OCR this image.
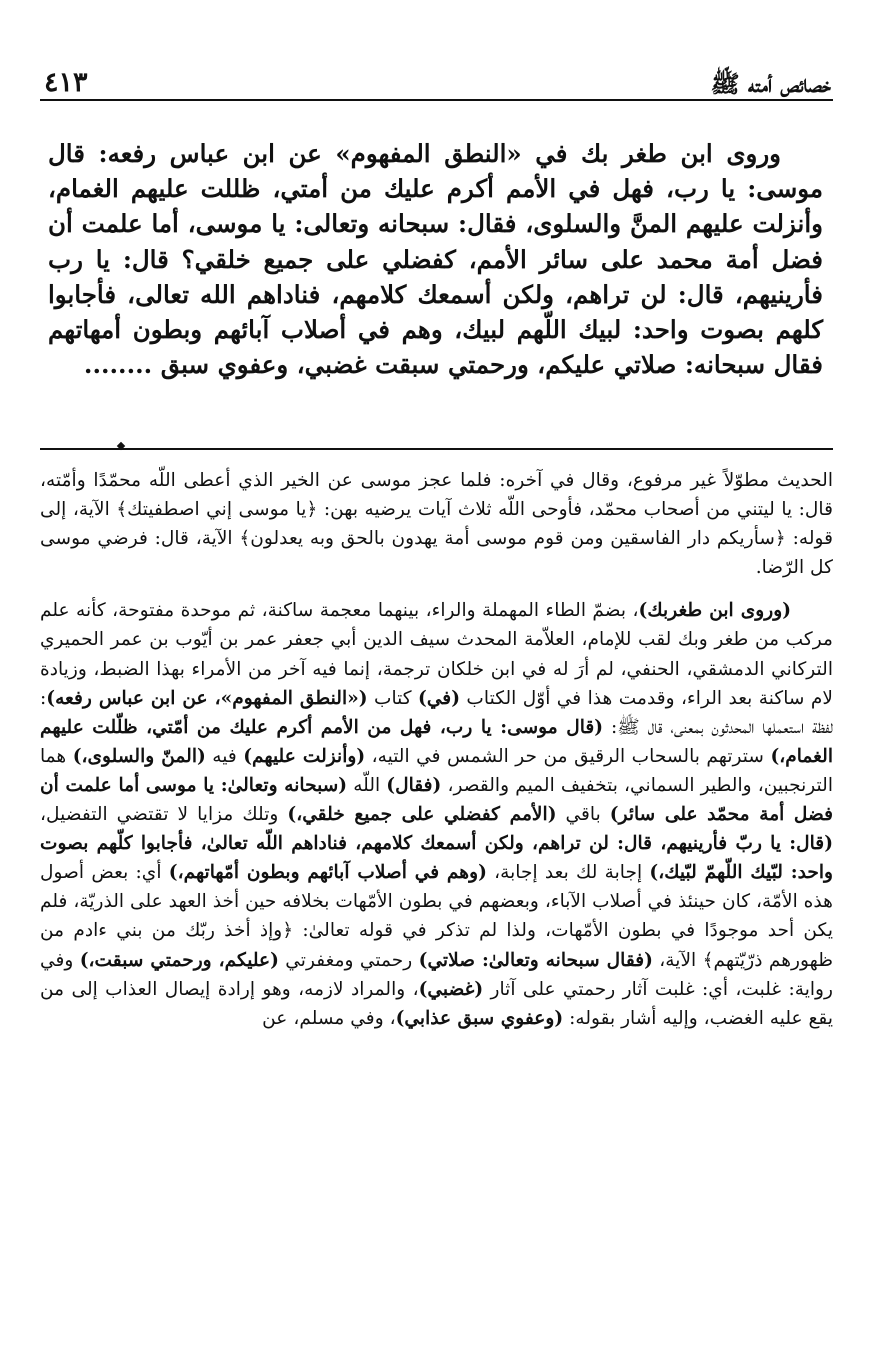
خصائص أمته ﷺ
٤١٣

وروى ابن طغر بك في «النطق المفهوم» عن ابن عباس رفعه: قال موسى: يا رب، فهل في الأمم أكرم عليك من أمتي، ظللت عليهم الغمام، وأنزلت عليهم المنَّ والسلوى، فقال: سبحانه وتعالى: يا موسى، أما علمت أن فضل أمة محمد على سائر الأمم، كفضلي على جميع خلقي؟ قال: يا رب فأرينيهم، قال: لن تراهم، ولكن أسمعك كلامهم، فناداهم الله تعالى، فأجابوا كلهم بصوت واحد: لبيك اللّهم لبيك، وهم في أصلاب آبائهم وبطون أمهاتهم فقال سبحانه: صلاتي عليكم، ورحمتي سبقت غضبي، وعفوي سبق ........

الحديث مطوّلاً غير مرفوع، وقال في آخره: فلما عجز موسى عن الخير الذي أعطى اللّه محمّدًا وأمّته، قال: يا ليتني من أصحاب محمّد، فأوحى اللّه ثلاث آيات يرضيه بهن: ﴿يا موسى إني اصطفيتك﴾ الآية، إلى قوله: ﴿سأريكم دار الفاسقين ومن قوم موسى أمة يهدون بالحق وبه يعدلون﴾ الآية، قال: فرضي موسى كل الرّضا.

(وروى ابن طغربك)، بضمّ الطاء المهملة والراء، بينهما معجمة ساكنة، ثم موحدة مفتوحة، كأنه علم مركب من طغر وبك لقب للإمام، العلاّمة المحدث سيف الدين أبي جعفر عمر بن أيّوب بن عمر الحميري التركاني الدمشقي، الحنفي، لم أرَ له في ابن خلكان ترجمة، إنما فيه آخر من الأمراء بهذا الضبط، وزيادة لام ساكنة بعد الراء، وقدمت هذا في أوّل الكتاب (في) كتاب («النطق المفهوم»، عن ابن عباس رفعه): لفظة استعملها المحدثون بمعنى، قال ﷺ: (قال موسى: يا رب، فهل من الأمم أكرم عليك من أمّتي، ظلّلت عليهم الغمام،) سترتهم بالسحاب الرقيق من حر الشمس في التيه، (وأنزلت عليهم) فيه (المنّ والسلوى،) هما الترنجبين، والطير السماني، بتخفيف الميم والقصر، (فقال) اللّه (سبحانه وتعالىٰ: يا موسى أما علمت أن فضل أمة محمّد على سائر) باقي (الأمم كفضلي على جميع خلقي،) وتلك مزايا لا تقتضي التفضيل، (قال: يا ربّ فأرينيهم، قال: لن تراهم، ولكن أسمعك كلامهم، فناداهم اللّه تعالىٰ، فأجابوا كلّهم بصوت واحد: لبّيك اللّهمّ لبّيك،) إجابة لك بعد إجابة، (وهم في أصلاب آبائهم وبطون أمّهاتهم،) أي: بعض أصول هذه الأمّة، كان حينئذ في أصلاب الآباء، وبعضهم في بطون الأمّهات بخلافه حين أخذ العهد على الذريّة، فلم يكن أحد موجودًا في بطون الأمّهات، ولذا لم تذكر في قوله تعالىٰ: ﴿وإذ أخذ ربّك من بني ءادم من ظهورهم ذرّيّتهم﴾ الآية، (فقال سبحانه وتعالىٰ: صلاتي) رحمتي ومغفرتي (عليكم، ورحمتي سبقت،) وفي رواية: غلبت، أي: غلبت آثار رحمتي على آثار (غضبي)، والمراد لازمه، وهو إرادة إيصال العذاب إلى من يقع عليه الغضب، وإليه أشار بقوله: (وعفوي سبق عذابي)، وفي مسلم، عن
